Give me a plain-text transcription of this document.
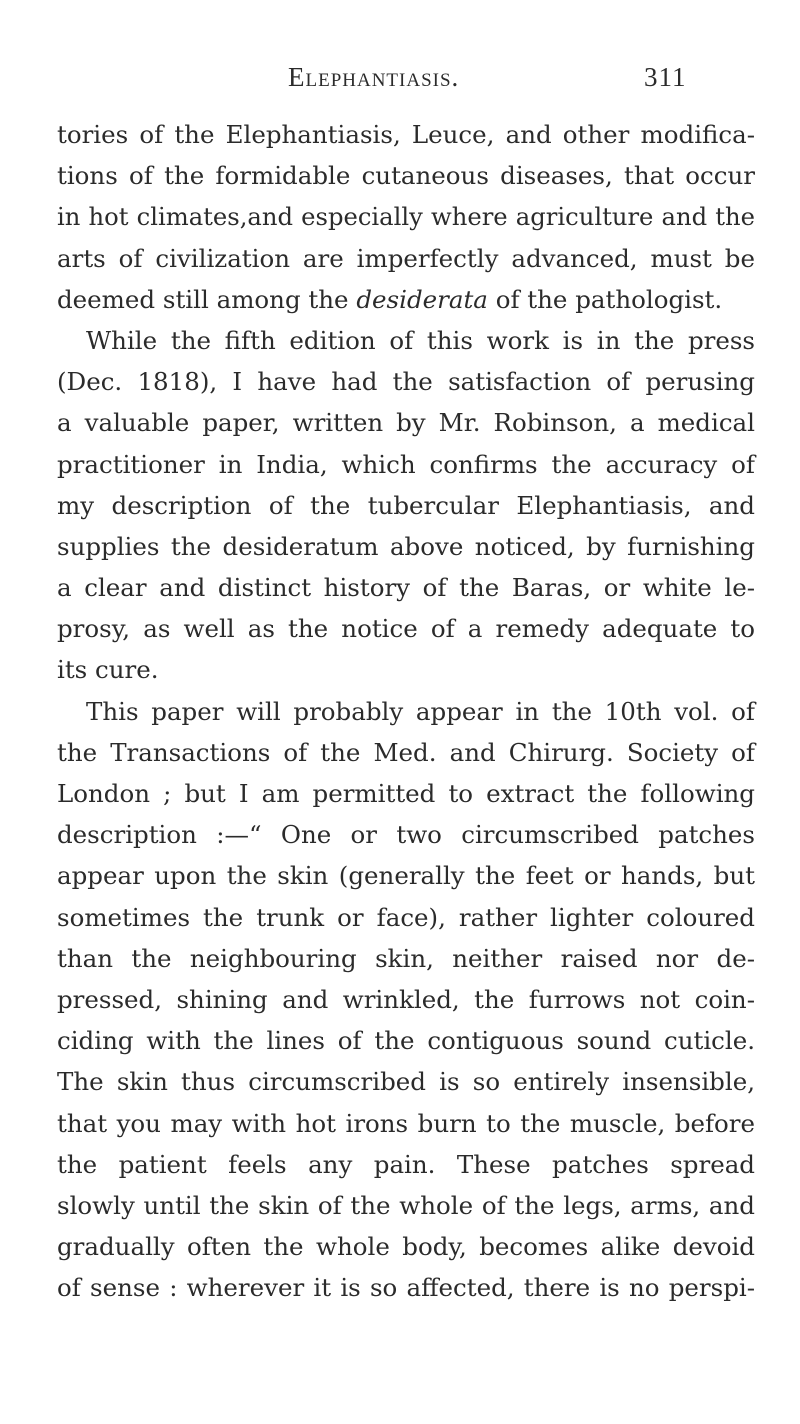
Elephantiasis.	311
tories of the Elephantiasis, Leuce, and other modifica-
tions of the formidable cutaneous diseases, that occur
in hot climates,and especially where agriculture and the
arts of civilization are imperfectly advanced, must be
deemed still among the desiderata of the pathologist.
While the fifth edition of this work is in the press
(Dec. 1818), I have had the satisfaction of perusing
a valuable paper, written by Mr. Robinson, a medical
practitioner in India, which confirms the accuracy of
my description of the tubercular Elephantiasis, and
supplies the desideratum above noticed, by furnishing
a clear and distinct history of the Baras, or white le-
prosy, as well as the notice of a remedy adequate to
its cure.
This paper will probably appear in the 10th vol. of
the Transactions of the Med. and Chirurg. Society of
London ; but I am permitted to extract the following
description :—“ One or two circumscribed patches
appear upon the skin (generally the feet or hands, but
sometimes the trunk or face), rather lighter coloured
than the neighbouring skin, neither raised nor de-
pressed, shining and wrinkled, the furrows not coin-
ciding with the lines of the contiguous sound cuticle.
The skin thus circumscribed is so entirely insensible,
that you may with hot irons burn to the muscle, before
the patient feels any pain. These patches spread
slowly until the skin of the whole of the legs, arms, and
gradually often the whole body, becomes alike devoid
of sense : wherever it is so affected, there is no perspi-
